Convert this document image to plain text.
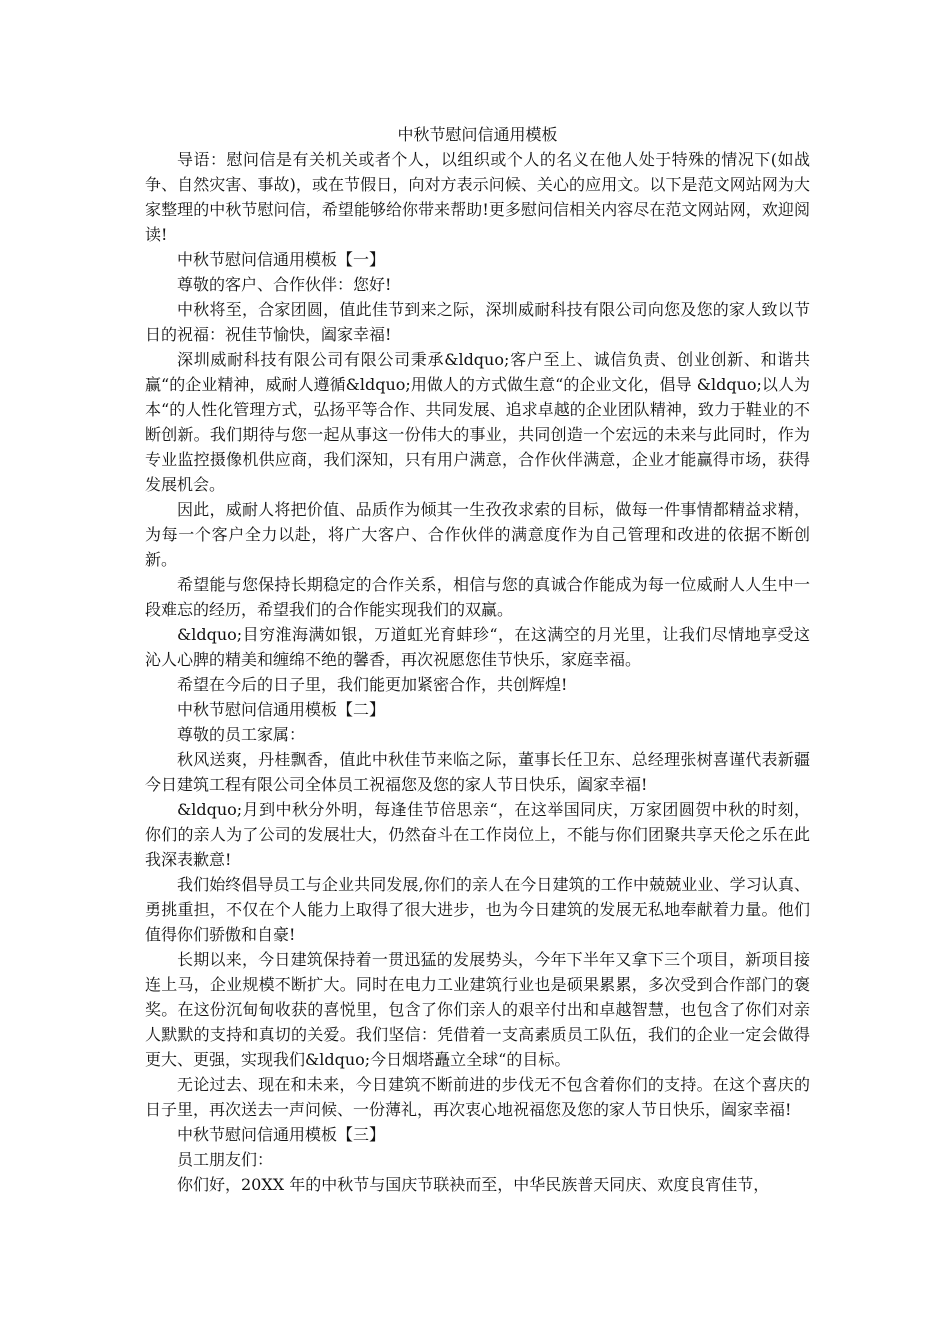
中秋节慰问信通用模板

导语：慰问信是有关机关或者个人，以组织或个人的名义在他人处于特殊的情况下(如战争、自然灾害、事故)，或在节假日，向对方表示问候、关心的应用文。以下是范文网站网为大家整理的中秋节慰问信，希望能够给你带来帮助!更多慰问信相关内容尽在范文网站网，欢迎阅读!

中秋节慰问信通用模板【一】

尊敬的客户、合作伙伴：您好!

中秋将至，合家团圆，值此佳节到来之际，深圳威耐科技有限公司向您及您的家人致以节日的祝福：祝佳节愉快，阖家幸福!

深圳威耐科技有限公司有限公司秉承&ldquo;客户至上、诚信负责、创业创新、和谐共赢“的企业精神，威耐人遵循&ldquo;用做人的方式做生意“的企业文化，倡导 &ldquo;以人为本“的人性化管理方式，弘扬平等合作、共同发展、追求卓越的企业团队精神，致力于鞋业的不断创新。我们期待与您一起从事这一份伟大的事业，共同创造一个宏远的未来与此同时，作为专业监控摄像机供应商，我们深知，只有用户满意，合作伙伴满意，企业才能赢得市场，获得发展机会。

因此，威耐人将把价值、品质作为倾其一生孜孜求索的目标，做每一件事情都精益求精，为每一个客户全力以赴，将广大客户、合作伙伴的满意度作为自己管理和改进的依据不断创新。

希望能与您保持长期稳定的合作关系，相信与您的真诚合作能成为每一位威耐人人生中一段难忘的经历，希望我们的合作能实现我们的双赢。

&ldquo;目穷淮海满如银，万道虹光育蚌珍“，在这满空的月光里，让我们尽情地享受这沁人心脾的精美和缠绵不绝的馨香，再次祝愿您佳节快乐，家庭幸福。

希望在今后的日子里，我们能更加紧密合作，共创辉煌!

中秋节慰问信通用模板【二】

尊敬的员工家属：

秋风送爽，丹桂飘香，值此中秋佳节来临之际，董事长任卫东、总经理张树喜谨代表新疆今日建筑工程有限公司全体员工祝福您及您的家人节日快乐，阖家幸福!

&ldquo;月到中秋分外明，每逢佳节倍思亲“，在这举国同庆，万家团圆贺中秋的时刻，你们的亲人为了公司的发展壮大，仍然奋斗在工作岗位上，不能与你们团聚共享天伦之乐在此我深表歉意!

我们始终倡导员工与企业共同发展,你们的亲人在今日建筑的工作中兢兢业业、学习认真、勇挑重担，不仅在个人能力上取得了很大进步，也为今日建筑的发展无私地奉献着力量。他们值得你们骄傲和自豪!

长期以来，今日建筑保持着一贯迅猛的发展势头，今年下半年又拿下三个项目，新项目接连上马，企业规模不断扩大。同时在电力工业建筑行业也是硕果累累，多次受到合作部门的褒奖。在这份沉甸甸收获的喜悦里，包含了你们亲人的艰辛付出和卓越智慧，也包含了你们对亲人默默的支持和真切的关爱。我们坚信：凭借着一支高素质员工队伍，我们的企业一定会做得更大、更强，实现我们&ldquo;今日烟塔矗立全球“的目标。

无论过去、现在和未来，今日建筑不断前进的步伐无不包含着你们的支持。在这个喜庆的日子里，再次送去一声问候、一份薄礼，再次衷心地祝福您及您的家人节日快乐，阖家幸福!

中秋节慰问信通用模板【三】

员工朋友们：

你们好，20XX 年的中秋节与国庆节联袂而至，中华民族普天同庆、欢度良宵佳节，
